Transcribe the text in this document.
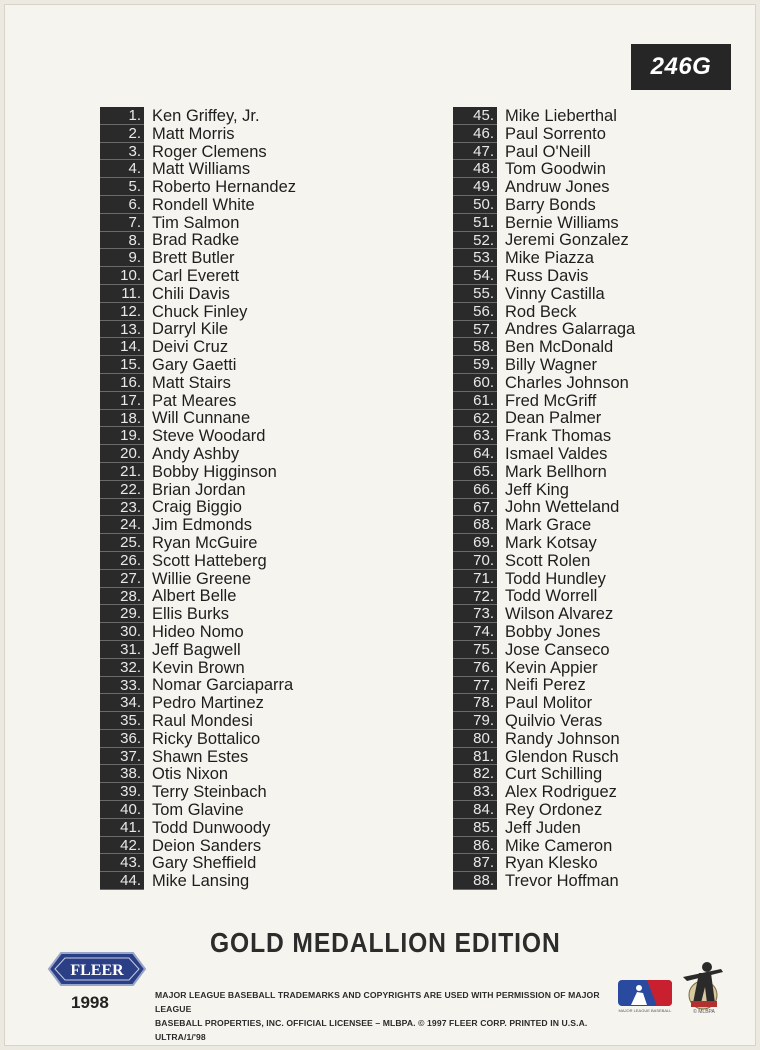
246G
1. Ken Griffey, Jr.
2. Matt Morris
3. Roger Clemens
4. Matt Williams
5. Roberto Hernandez
6. Rondell White
7. Tim Salmon
8. Brad Radke
9. Brett Butler
10. Carl Everett
11. Chili Davis
12. Chuck Finley
13. Darryl Kile
14. Deivi Cruz
15. Gary Gaetti
16. Matt Stairs
17. Pat Meares
18. Will Cunnane
19. Steve Woodard
20. Andy Ashby
21. Bobby Higginson
22. Brian Jordan
23. Craig Biggio
24. Jim Edmonds
25. Ryan McGuire
26. Scott Hatteberg
27. Willie Greene
28. Albert Belle
29. Ellis Burks
30. Hideo Nomo
31. Jeff Bagwell
32. Kevin Brown
33. Nomar Garciaparra
34. Pedro Martinez
35. Raul Mondesi
36. Ricky Bottalico
37. Shawn Estes
38. Otis Nixon
39. Terry Steinbach
40. Tom Glavine
41. Todd Dunwoody
42. Deion Sanders
43. Gary Sheffield
44. Mike Lansing
45. Mike Lieberthal
46. Paul Sorrento
47. Paul O'Neill
48. Tom Goodwin
49. Andruw Jones
50. Barry Bonds
51. Bernie Williams
52. Jeremi Gonzalez
53. Mike Piazza
54. Russ Davis
55. Vinny Castilla
56. Rod Beck
57. Andres Galarraga
58. Ben McDonald
59. Billy Wagner
60. Charles Johnson
61. Fred McGriff
62. Dean Palmer
63. Frank Thomas
64. Ismael Valdes
65. Mark Bellhorn
66. Jeff King
67. John Wetteland
68. Mark Grace
69. Mark Kotsay
70. Scott Rolen
71. Todd Hundley
72. Todd Worrell
73. Wilson Alvarez
74. Bobby Jones
75. Jose Canseco
76. Kevin Appier
77. Neifi Perez
78. Paul Molitor
79. Quilvio Veras
80. Randy Johnson
81. Glendon Rusch
82. Curt Schilling
83. Alex Rodriguez
84. Rey Ordonez
85. Jeff Juden
86. Mike Cameron
87. Ryan Klesko
88. Trevor Hoffman
GOLD MEDALLION EDITION
FLEER
1998	MAJOR LEAGUE BASEBALL TRADEMARKS AND COPYRIGHTS ARE USED WITH PERMISSION OF MAJOR LEAGUE
BASEBALL PROPERTIES, INC. OFFICIAL LICENSEE – MLBPA. © 1997 FLEER CORP. PRINTED IN U.S.A. ULTRA/1/'98
MAJOR LEAGUE BASEBALL	© MLBPA
